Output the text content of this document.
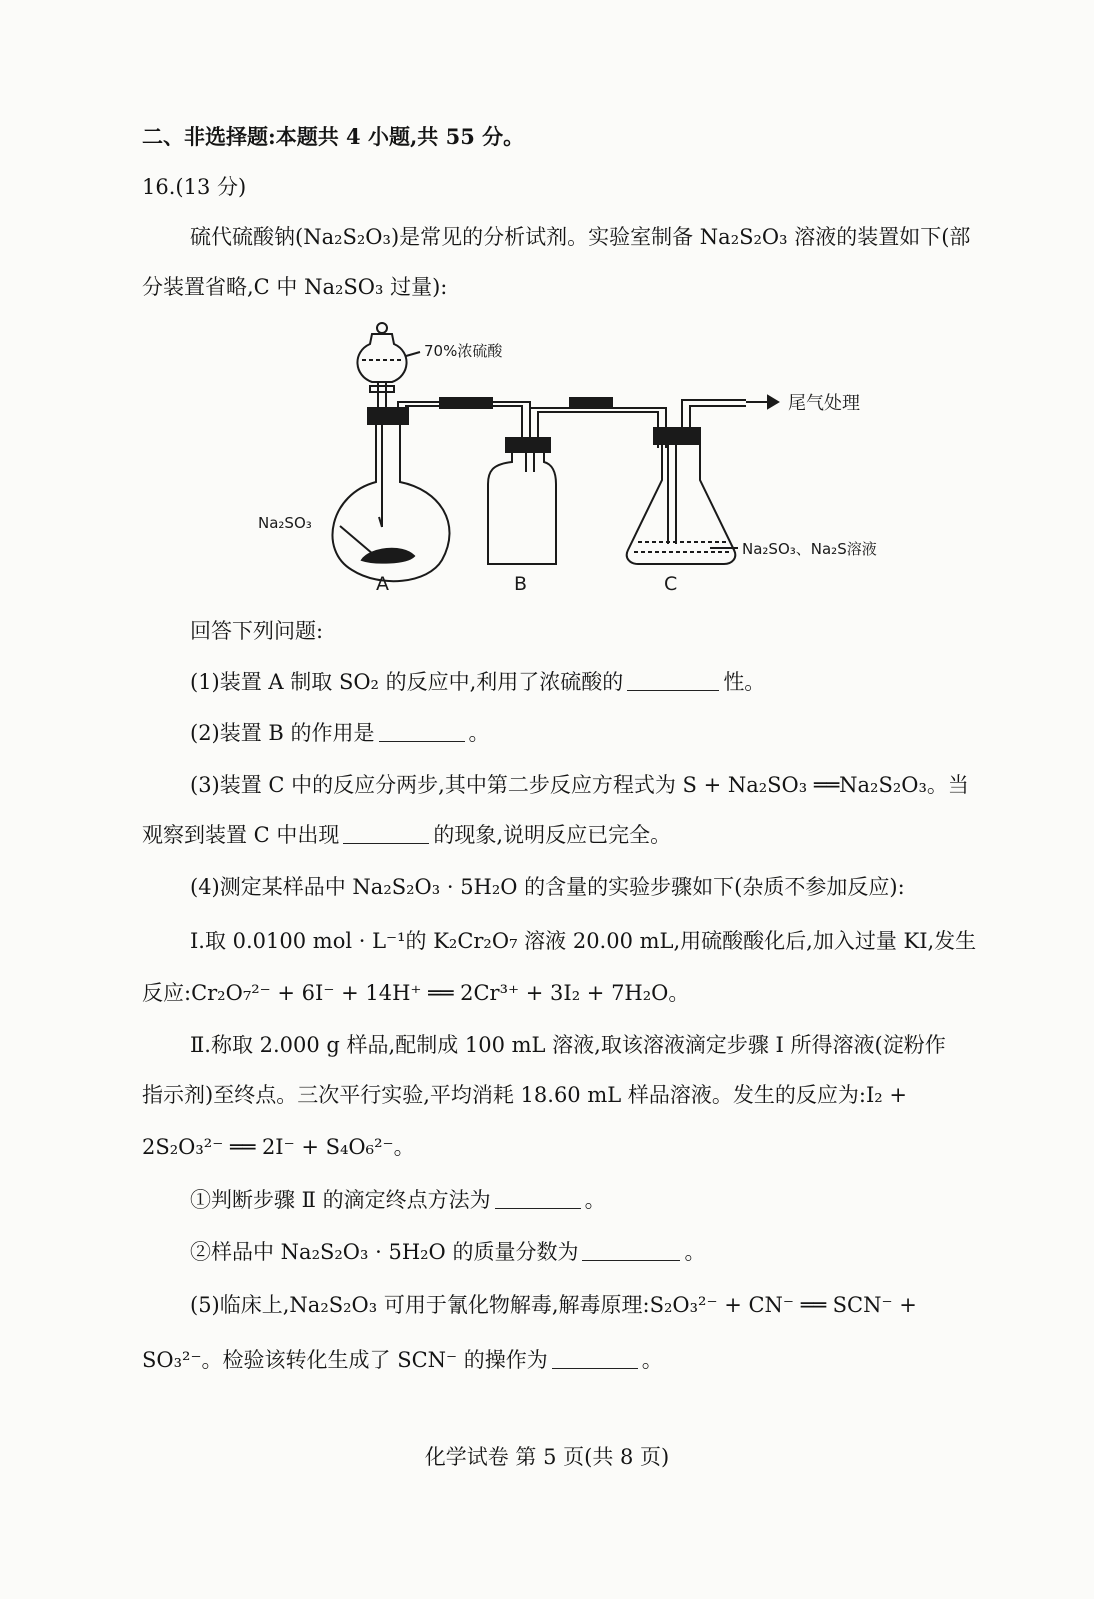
二、非选择题:本题共 4 小题,共 55 分。
16.(13 分)
硫代硫酸钠(Na₂S₂O₃)是常见的分析试剂。实验室制备 Na₂S₂O₃ 溶液的装置如下(部
分装置省略,C 中 Na₂SO₃ 过量):
70%浓硫酸
尾气处理
Na₂SO₃
Na₂SO₃、Na₂S溶液
A	B	C
回答下列问题:
(1)装置 A 制取 SO₂ 的反应中,利用了浓硫酸的	性。
(2)装置 B 的作用是	。
(3)装置 C 中的反应分两步,其中第二步反应方程式为 S + Na₂SO₃ ══Na₂S₂O₃。当
观察到装置 C 中出现	的现象,说明反应已完全。
(4)测定某样品中 Na₂S₂O₃ · 5H₂O 的含量的实验步骤如下(杂质不参加反应):
Ⅰ.取 0.0100 mol · L⁻¹的 K₂Cr₂O₇ 溶液 20.00 mL,用硫酸酸化后,加入过量 KI,发生
反应:Cr₂O₇²⁻ + 6I⁻ + 14H⁺ ══ 2Cr³⁺ + 3I₂ + 7H₂O。
Ⅱ.称取 2.000 g 样品,配制成 100 mL 溶液,取该溶液滴定步骤 Ⅰ 所得溶液(淀粉作
指示剂)至终点。三次平行实验,平均消耗 18.60 mL 样品溶液。发生的反应为:I₂ +
2S₂O₃²⁻ ══ 2I⁻ + S₄O₆²⁻。
①判断步骤 Ⅱ 的滴定终点方法为	。
②样品中 Na₂S₂O₃ · 5H₂O 的质量分数为	。
(5)临床上,Na₂S₂O₃ 可用于氰化物解毒,解毒原理:S₂O₃²⁻ + CN⁻ ══ SCN⁻ +
SO₃²⁻。检验该转化生成了 SCN⁻ 的操作为	。
化学试卷 第 5 页(共 8 页)
